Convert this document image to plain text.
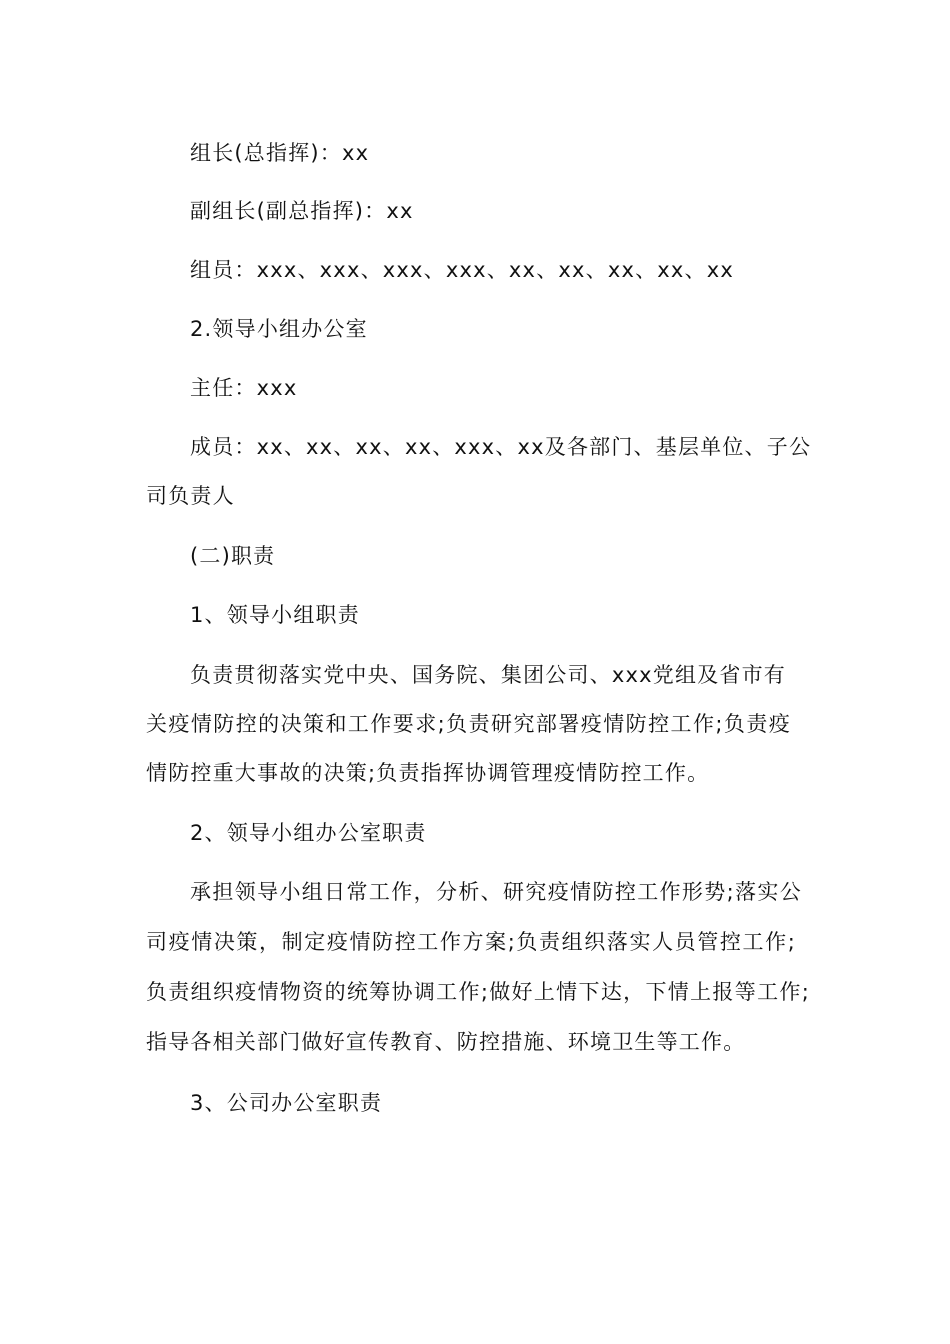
组长(总指挥)：xx
副组长(副总指挥)：xx
组员：xxx、xxx、xxx、xxx、xx、xx、xx、xx、xx
2.领导小组办公室
主任：xxx
成员：xx、xx、xx、xx、xxx、xx及各部门、基层单位、子公
司负责人
(二)职责
1、领导小组职责
负责贯彻落实党中央、国务院、集团公司、xxx党组及省市有
关疫情防控的决策和工作要求;负责研究部署疫情防控工作;负责疫
情防控重大事故的决策;负责指挥协调管理疫情防控工作。
2、领导小组办公室职责
承担领导小组日常工作，分析、研究疫情防控工作形势;落实公
司疫情决策，制定疫情防控工作方案;负责组织落实人员管控工作;
负责组织疫情物资的统筹协调工作;做好上情下达，下情上报等工作;
指导各相关部门做好宣传教育、防控措施、环境卫生等工作。
3、公司办公室职责
